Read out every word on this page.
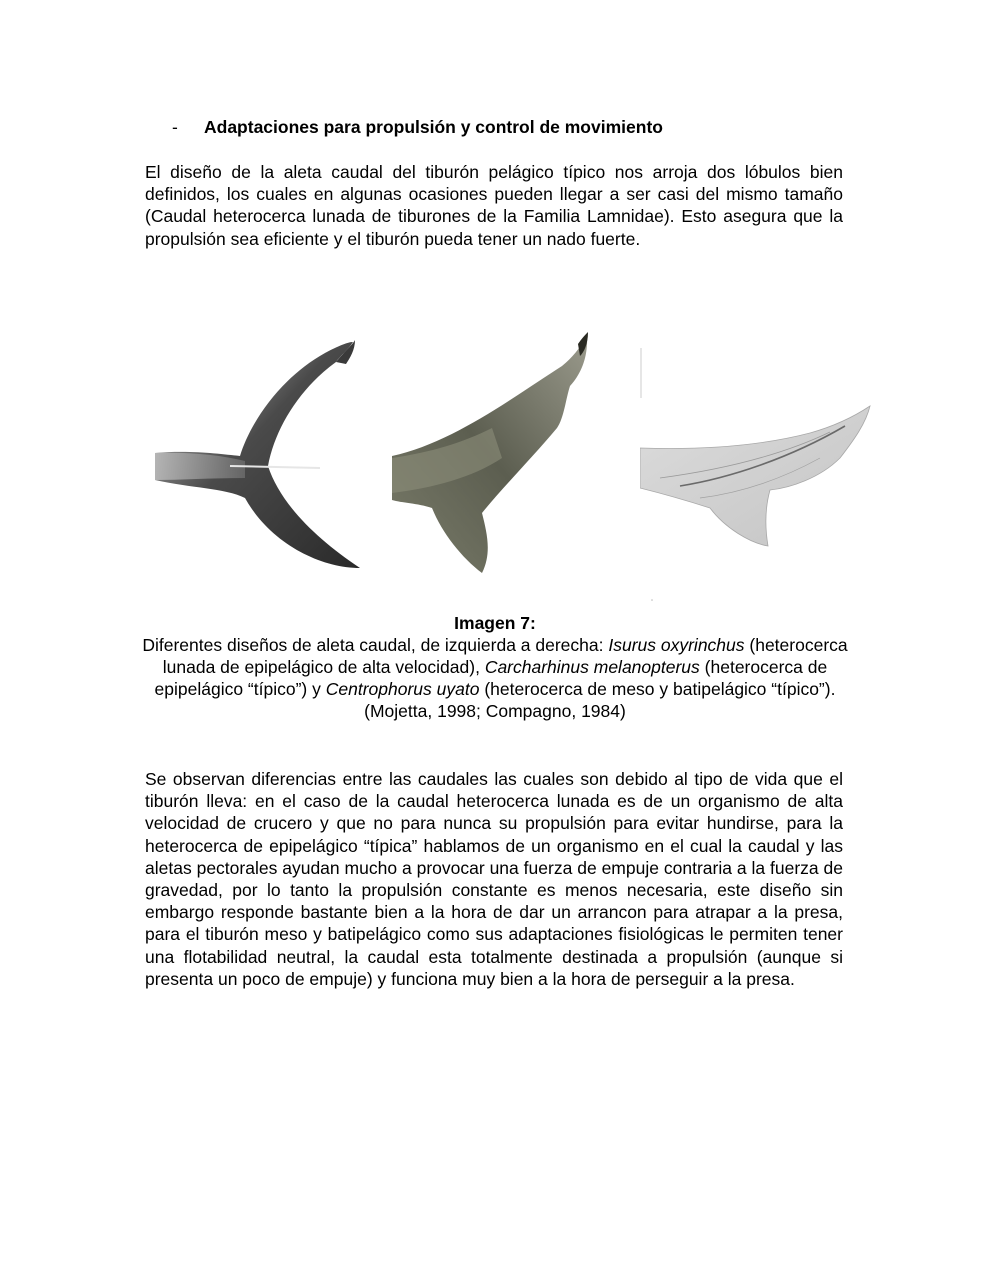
- Adaptaciones para propulsión y control de movimiento

El diseño de la aleta caudal del tiburón pelágico típico nos arroja dos lóbulos bien definidos, los cuales en algunas ocasiones pueden llegar a ser casi del mismo tamaño (Caudal heterocerca lunada de tiburones de la Familia Lamnidae). Esto asegura que la propulsión sea eficiente y el tiburón pueda tener un nado fuerte.

Imagen 7:
Diferentes diseños de aleta caudal, de izquierda a derecha: Isurus oxyrinchus (heterocerca lunada de epipelágico de alta velocidad), Carcharhinus melanopterus (heterocerca de epipelágico “típico”) y Centrophorus uyato (heterocerca de meso y batipelágico “típico”). (Mojetta, 1998; Compagno, 1984)

Se observan diferencias entre las caudales las cuales son debido al tipo de vida que el tiburón lleva: en el caso de la caudal heterocerca lunada es de un organismo de alta velocidad de crucero y que no para nunca su propulsión para evitar hundirse, para la heterocerca de epipelágico “típica” hablamos de un organismo en el cual la caudal y las aletas pectorales ayudan mucho a provocar una fuerza de empuje contraria a la fuerza de gravedad, por lo tanto la propulsión constante es menos necesaria, este diseño sin embargo responde bastante bien a la hora de dar un arrancon para atrapar a la presa, para el tiburón meso y batipelágico como sus adaptaciones fisiológicas le permiten tener una flotabilidad neutral, la caudal esta totalmente destinada a propulsión (aunque si presenta un poco de empuje) y funciona muy bien a la hora de perseguir a la presa.
